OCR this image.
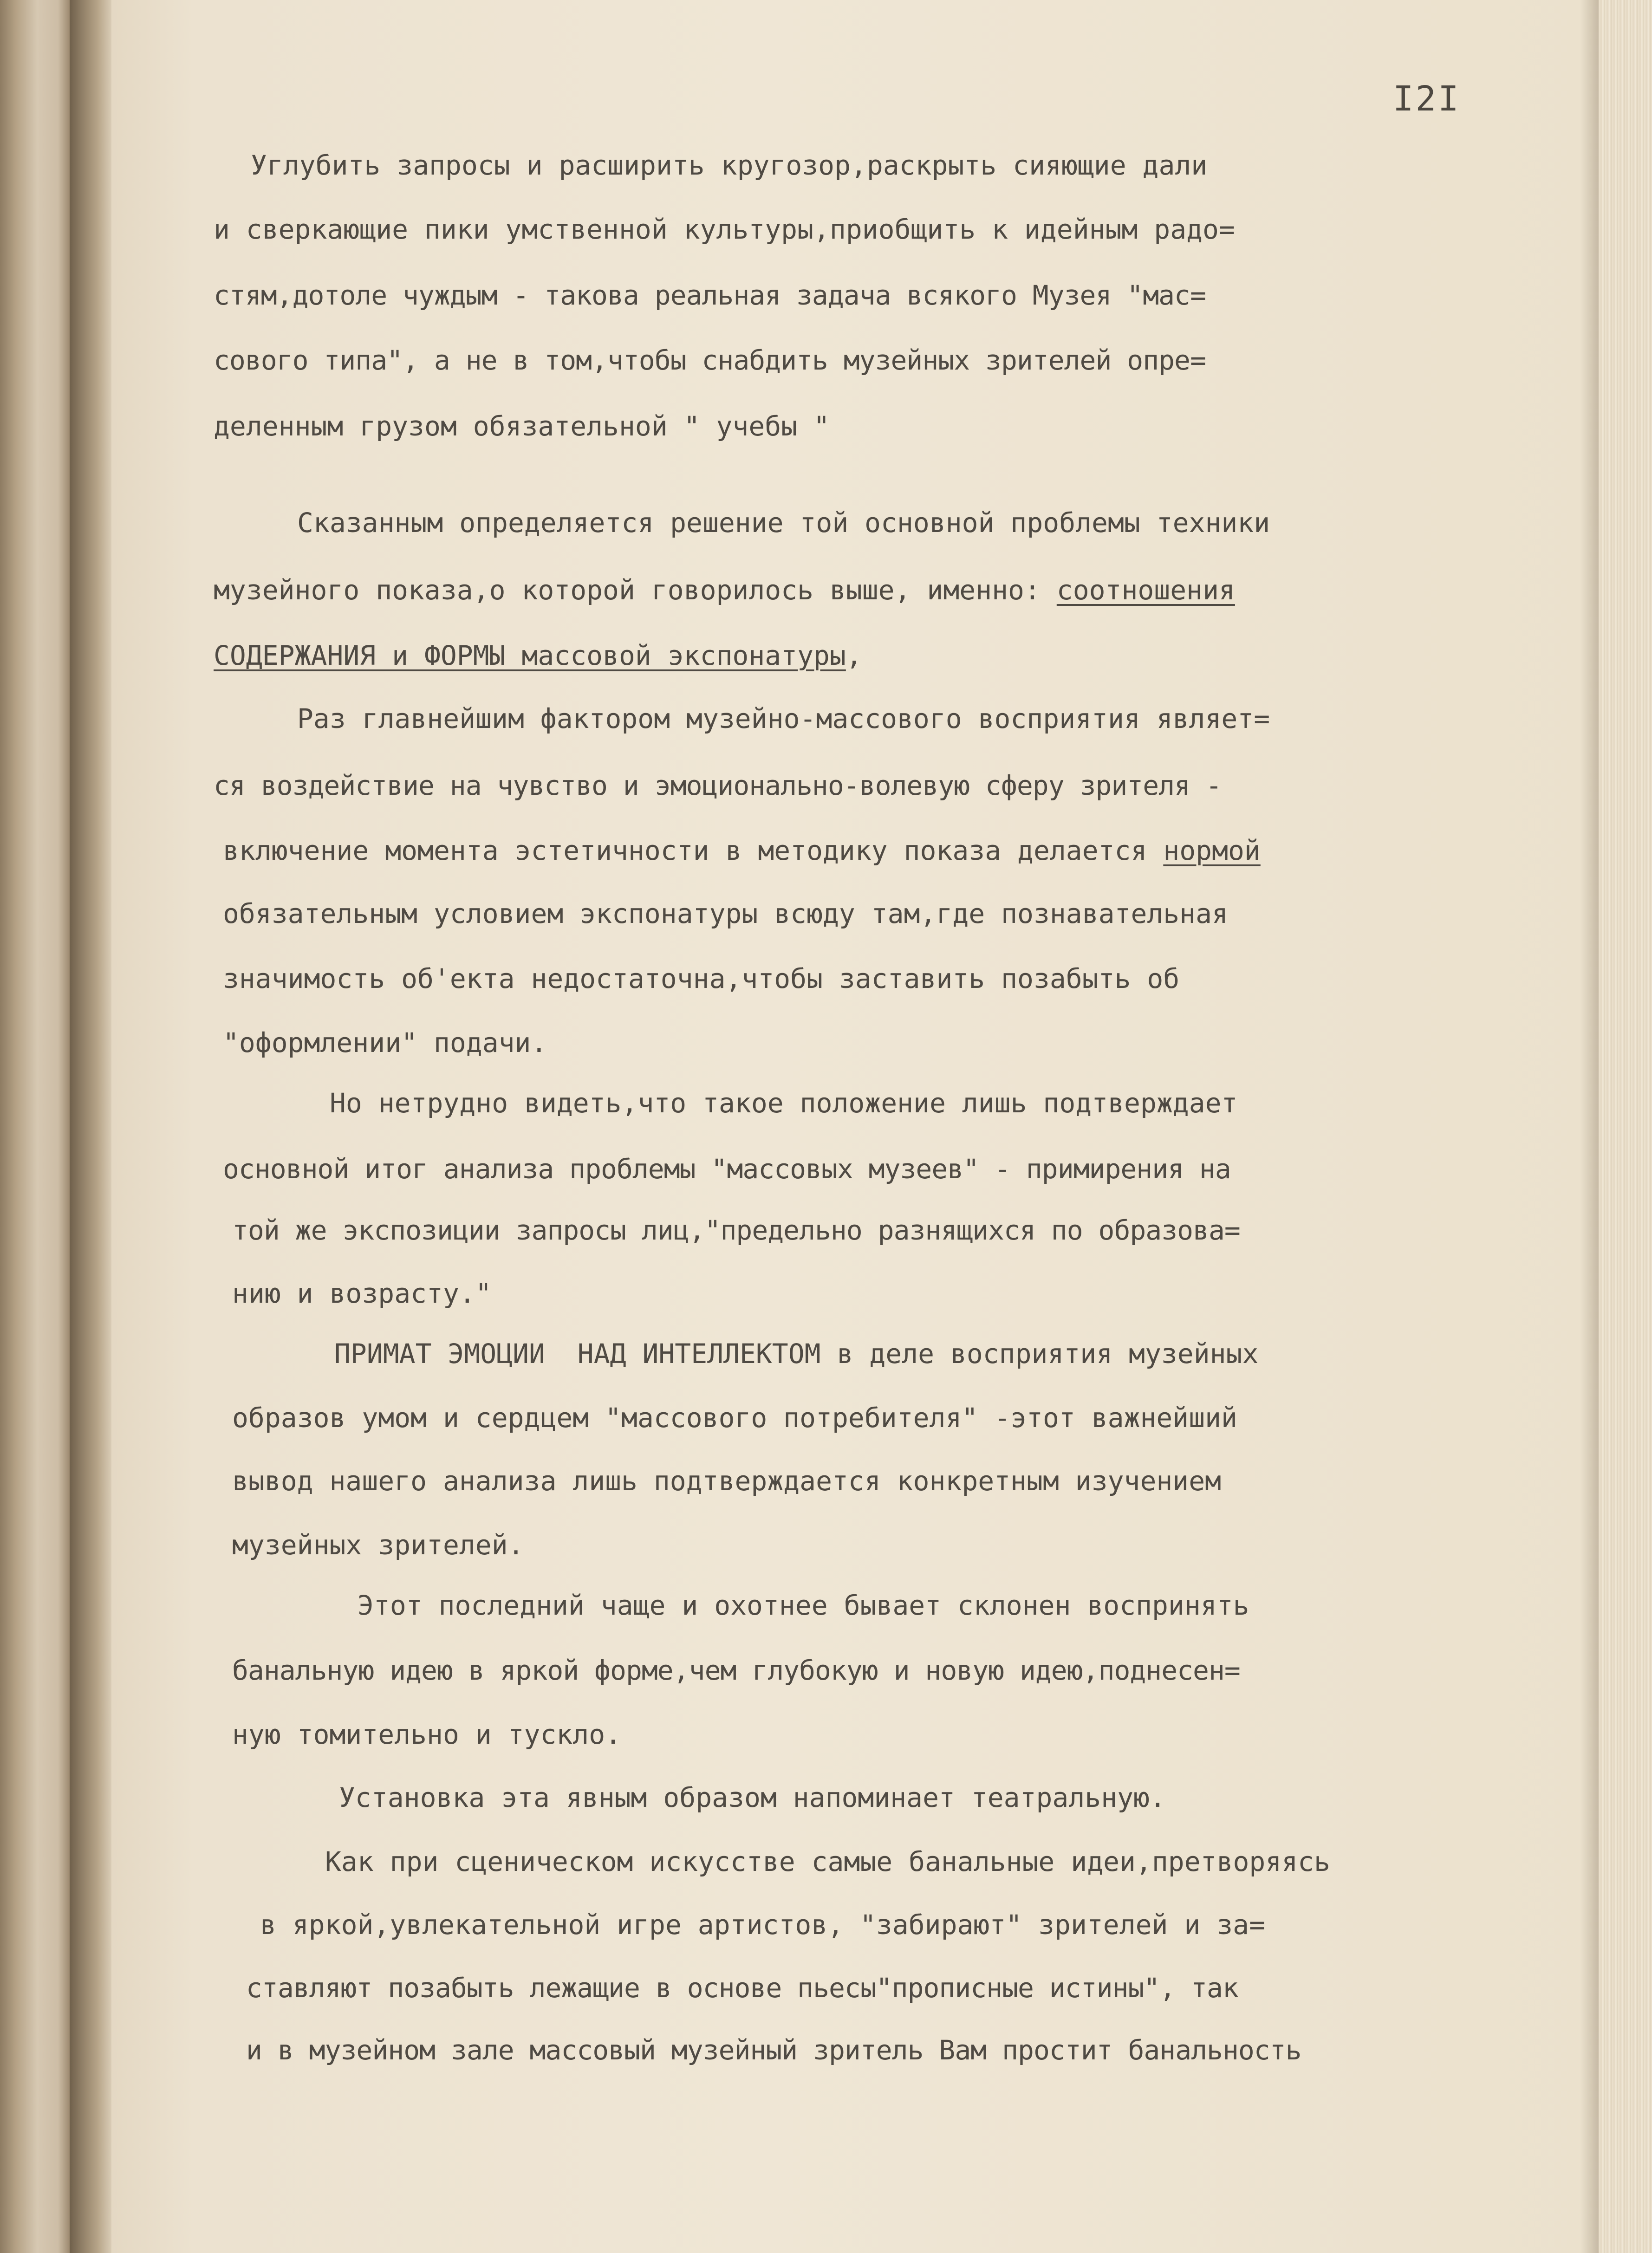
I2I
Углубить запросы и расширить кругозор,раскрыть сияющие дали
и сверкающие пики умственной культуры,приобщить к идейным радо=
стям,дотоле чуждым - такова реальная задача всякого Музея "мас=
сового типа", а не в том,чтобы снабдить музейных зрителей опре=
деленным грузом обязательной " учебы "
Сказанным определяется решение той основной проблемы техники
музейного показа,о которой говорилось выше, именно: соотношения
СОДЕРЖАНИЯ и ФОРМЫ массовой экспонатуры,
Раз главнейшим фактором музейно-массового восприятия являет=
ся воздействие на чувство и эмоционально-волевую сферу зрителя -
включение момента эстетичности в методику показа делается нормой
обязательным условием экспонатуры всюду там,где познавательная
значимость об'екта недостаточна,чтобы заставить позабыть об
"оформлении" подачи.
Но нетрудно видеть,что такое положение лишь подтверждает
основной итог анализа проблемы "массовых музеев" - примирения на
той же экспозиции запросы лиц,"предельно разнящихся по образова=
нию и возрасту."
ПРИМАТ ЭМОЦИИ  НАД ИНТЕЛЛЕКТОМ в деле восприятия музейных
образов умом и сердцем "массового потребителя" -этот важнейший
вывод нашего анализа лишь подтверждается конкретным изучением
музейных зрителей.
Этот последний чаще и охотнее бывает склонен воспринять
банальную идею в яркой форме,чем глубокую и новую идею,поднесен=
ную томительно и тускло.
Установка эта явным образом напоминает театральную.
Как при сценическом искусстве самые банальные идеи,претворяясь
в яркой,увлекательной игре артистов, "забирают" зрителей и за=
ставляют позабыть лежащие в основе пьесы"прописные истины", так
и в музейном зале массовый музейный зритель Вам простит банальность
